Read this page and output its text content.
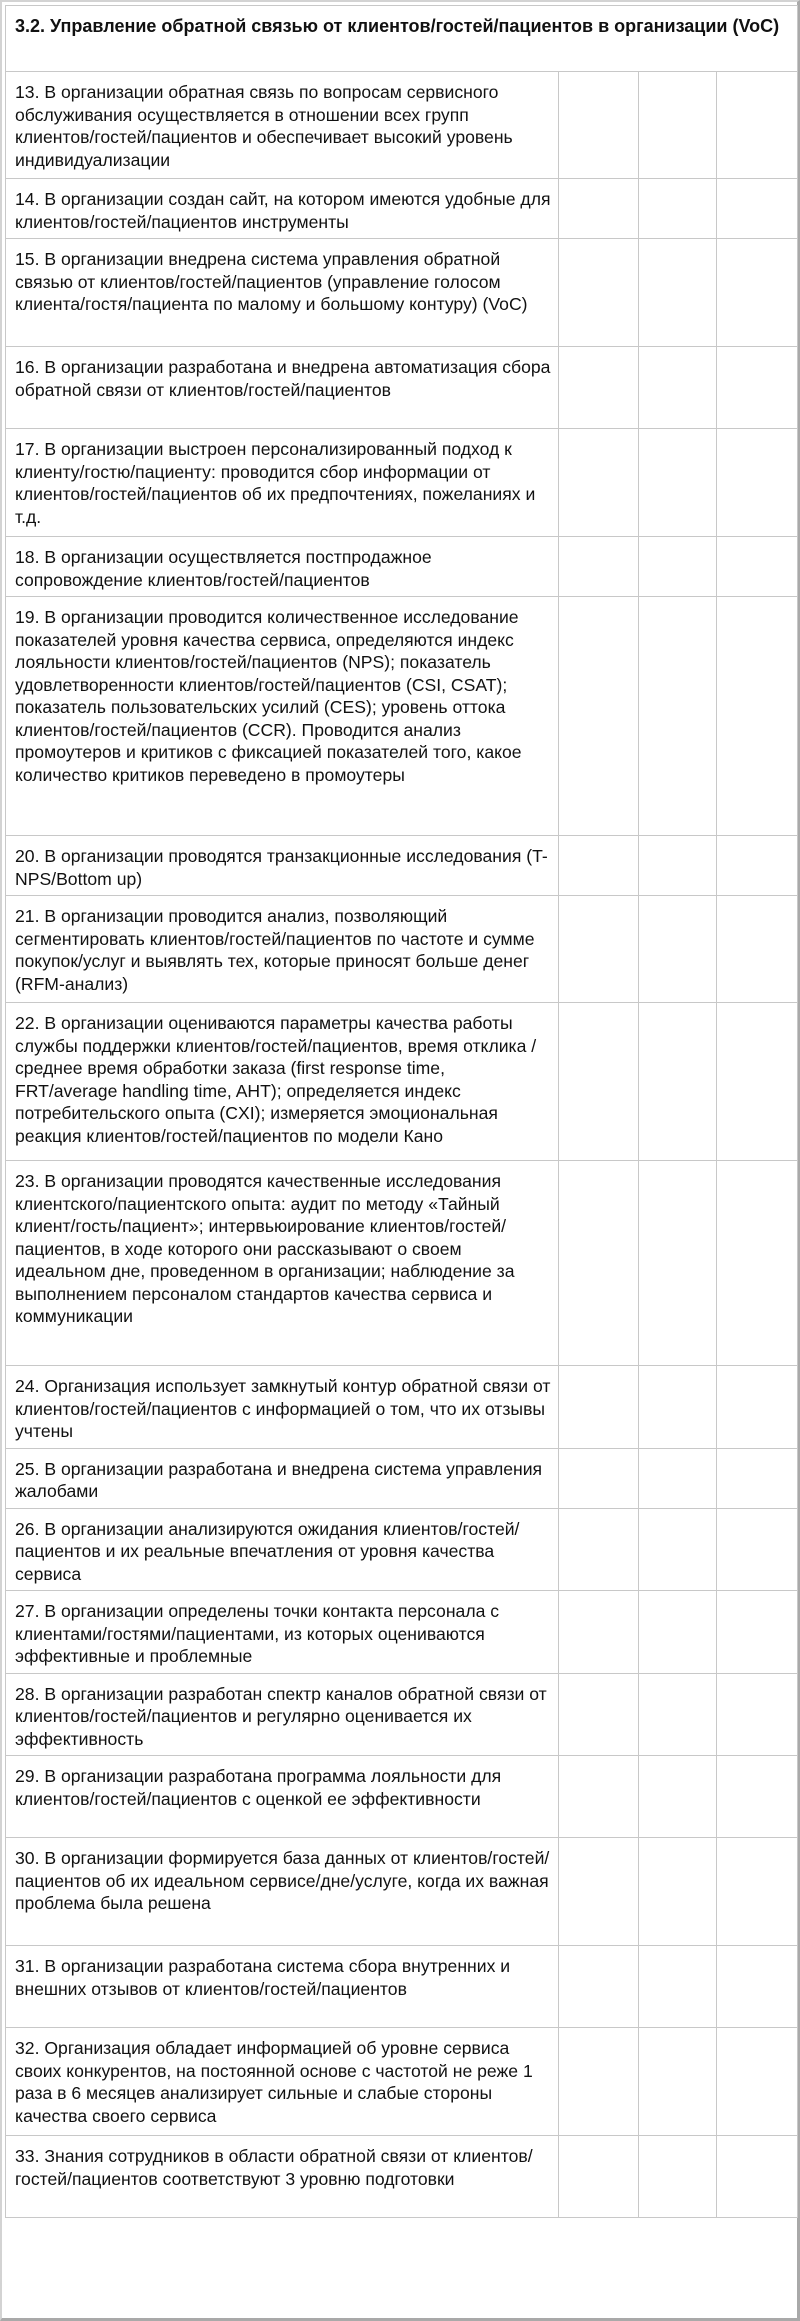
3.2. Управление обратной связью от клиентов/гостей/пациентов в организации (VoC)			
13. В организации обратная связь по вопросам сервисного обслуживания осуществляется в отношении всех групп клиентов/гостей/пациентов и обеспечивает высокий уровень индивидуализации			
14. В организации создан сайт, на котором имеются удобные для клиентов/гостей/пациентов инструменты			
15. В организации внедрена система управления обратной связью от клиентов/гостей/пациентов (управление голосом клиента/гостя/пациента по малому и большому контуру) (VoC)			
16. В организации разработана и внедрена автоматизация сбора обратной связи от клиентов/гостей/пациентов			
17. В организации выстроен персонализированный подход к клиенту/гостю/пациенту: проводится сбор информации от клиентов/гостей/пациентов об их предпочтениях, пожеланиях и т.д.			
18. В организации осуществляется постпродажное сопровождение клиентов/гостей/пациентов			
19. В организации проводится количественное исследование показателей уровня качества сервиса, определяются индекс лояльности клиентов/гостей/пациентов (NPS); показатель удовлетворенности клиентов/гостей/пациентов (CSI, CSAT); показатель пользовательских усилий (CES); уровень оттока клиентов/гостей/пациентов (CCR). Проводится анализ промоутеров и критиков с фиксацией показателей того, какое количество критиков переведено в промоутеры			
20. В организации проводятся транзакционные исследования (T-NPS/Bottom up)			
21. В организации проводится анализ, позволяющий сегментировать клиентов/гостей/пациентов по частоте и сумме покупок/услуг и выявлять тех, которые приносят больше денег (RFM-анализ)			
22. В организации оцениваются параметры качества работы службы поддержки клиентов/гостей/пациентов, время отклика /среднее время обработки заказа (first response time, FRT/average handling time, AHT); определяется индекс потребительского опыта (CXI); измеряется эмоциональная реакция клиентов/гостей/пациентов по модели Кано			
23. В организации проводятся качественные исследования клиентского/пациентского опыта: аудит по методу «Тайный клиент/гость/пациент»; интервьюирование клиентов/гостей/пациентов, в ходе которого они рассказывают о своем идеальном дне, проведенном в организации; наблюдение за выполнением персоналом стандартов качества сервиса и коммуникации			
24. Организация использует замкнутый контур обратной связи от клиентов/гостей/пациентов с информацией о том, что их отзывы учтены			
25. В организации разработана и внедрена система управления жалобами			
26. В организации анализируются ожидания клиентов/гостей/пациентов и их реальные впечатления от уровня качества сервиса			
27. В организации определены точки контакта персонала с клиентами/гостями/пациентами, из которых оцениваются эффективные и проблемные			
28. В организации разработан спектр каналов обратной связи от клиентов/гостей/пациентов и регулярно оценивается их эффективность			
29. В организации разработана программа лояльности для клиентов/гостей/пациентов с оценкой ее эффективности			
30. В организации формируется база данных от клиентов/гостей/пациентов об их идеальном сервисе/дне/услуге, когда их важная проблема была решена			
31. В организации разработана система сбора внутренних и внешних отзывов от клиентов/гостей/пациентов			
32. Организация обладает информацией об уровне сервиса своих конкурентов, на постоянной основе с частотой не реже 1 раза в 6 месяцев анализирует сильные и слабые стороны качества своего сервиса			
33. Знания сотрудников в области обратной связи от клиентов/гостей/пациентов соответствуют 3 уровню подготовки			
